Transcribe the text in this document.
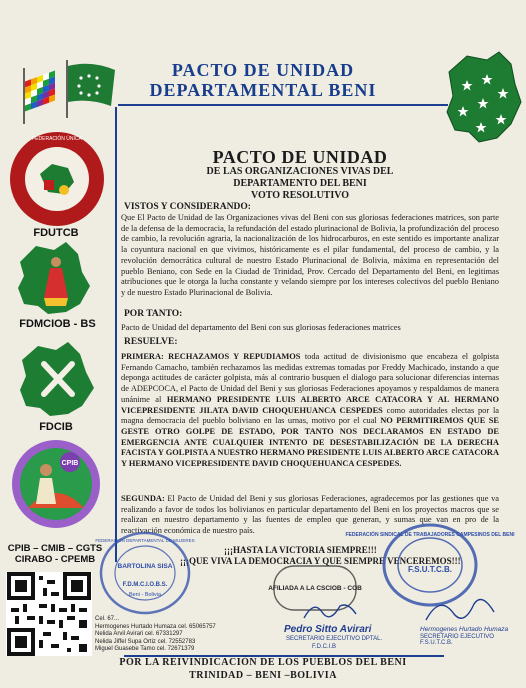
PACTO DE UNIDAD
DEPARTAMENTAL BENI
FEDERACIÓN ÚNICA
FDUTCB
FDMCIOB - BS
FDCIB
CPIB
CPIB – CMIB – CGTS CIRABO - CPEMB
PACTO DE UNIDAD
DE LAS ORGANIZACIONES VIVAS DEL
DEPARTAMENTO DEL BENI
VOTO RESOLUTIVO
VISTOS Y CONSIDERANDO:
Que El Pacto de Unidad de las Organizaciones vivas del Beni con sus gloriosas federaciones matrices, son parte de la defensa de la democracia, la refundación del estado plurinacional de Bolivia, la profundización del proceso de cambio, la revolución agraria, la nacionalización de los hidrocarburos, en este sentido es importante analizar la coyuntura nacional en que vivimos, históricamente es el pilar fundamental, del proceso de cambio, y la revolución democrática cultural de nuestro Estado Plurinacional de Bolivia, máxima en representación del pueblo Beniano, con Sede en la Ciudad de Trinidad, Prov. Cercado del Departamento del Beni, en legitimas atribuciones que le otorga la lucha constante y velando siempre por los intereses colectivos del pueblo Beniano y de nuestro Estado Plurinacional de Bolivia.
POR TANTO:
Pacto de Unidad del departamento del Beni con sus gloriosas federaciones matrices
RESUELVE:
PRIMERA: RECHAZAMOS Y REPUDIAMOS toda actitud de divisionismo que encabeza el golpista Fernando Camacho, también rechazamos las medidas extremas tomadas por Freddy Machicado, instando a que deponga actitudes de carácter golpista, más al contrario busquen el dialogo para solucionar diferencias internas de ADEPCOCA, el Pacto de Unidad del Beni y sus gloriosas Federaciones apoyamos y respaldamos de manera unánime al HERMANO PRESIDENTE LUIS ALBERTO ARCE CATACORA Y AL HERMANO VICEPRESIDENTE JILATA DAVID CHOQUEHUANCA CESPEDES como autoridades electas por la magna democracia del pueblo boliviano en las urnas, motivo por el cual NO PERMITIREMOS QUE SE GESTE OTRO GOLPE DE ESTADO, POR TANTO NOS DECLARAMOS EN ESTADO DE EMERGENCIA ANTE CUALQUIER INTENTO DE DESESTABILIZACIÓN DE LA DERECHA FACISTA Y GOLPISTA A NUESTRO HERMANO PRESIDENTE LUIS ALBERTO ARCE CATACORA Y HERMANO VICEPRESIDENTE DAVID CHOQUEHUANCA CESPEDES.
SEGUNDA: El Pacto de Unidad del Beni y sus gloriosas Federaciones, agradecemos por las gestiones que va realizando a favor de todos los bolivianos en particular departamento del Beni en los proyectos macros que se realizan en nuestro departamento y las fuentes de empleo que generan, y sumas que van en pro de la reactivación económica de nuestro país.
¡¡¡HASTA LA VICTORIA SIEMPRE!!!
¡¡¡QUE VIVA LA DEMOCRACIA Y QUE SIEMPRE VENCEREMOS!!!
BARTOLINA SISA
F.D.M.C.I.O.B.S.
Beni - Bolivia
FEDERACIÓN DEPARTAMENTAL DE MUJERES
AFILIADA A LA CSCIOB - COB
FEDERACIÓN SINDICAL DE TRABAJADORES CAMPESINOS DEL BENI
F.S.U.T.C.B.
Cel. 67...
Hermogenes Hurtado Humaza cel. 65065757
Nelida Arvil Avirari cel. 67331297
Nelida Jiffel Supa Ortiz cel. 72552783
Miguel Guasebe Tamo cel. 72671379
Pedro Sitto Avirari
SECRETARIO EJECUTIVO DPTAL.
F.D.C.I.B
Hermogenes Hurtado Humaza
SECRETARIO EJECUTIVO F.S.U.T.C.B.
POR LA REIVINDICACIÓN DE LOS PUEBLOS DEL BENI
TRINIDAD – BENI –BOLIVIA
